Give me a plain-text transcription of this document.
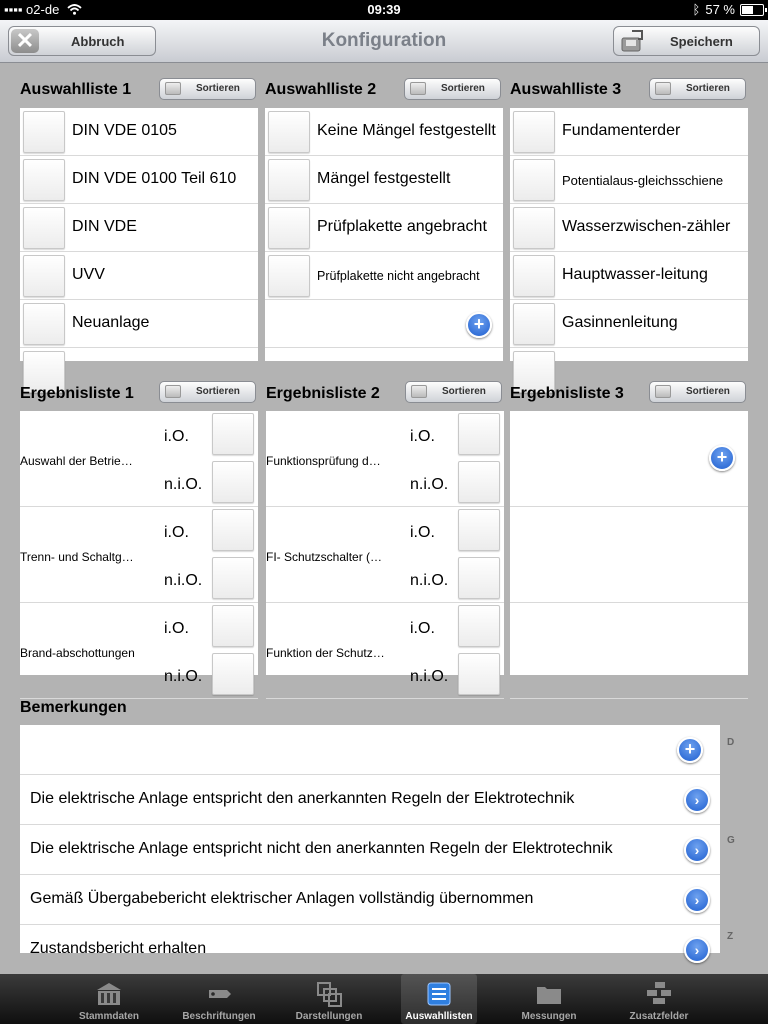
▪▪▪▪ o2-de	09:39	ᛒ 57 %
Konfiguration
✕	Abbruch	Speichern
Auswahlliste 1	Sortieren
DIN VDE 0105
DIN VDE 0100 Teil 610
DIN VDE
UVV
Neuanlage
Auswahlliste 2	Sortieren
Keine Mängel festgestellt
Mängel festgestellt
Prüfplakette angebracht
Prüfplakette nicht angebracht
+
Auswahlliste 3	Sortieren
Fundamenterder
Potentialaus-gleichsschiene
Wasserzwischen-zähler
Hauptwasser-leitung
Gasinnenleitung
Ergebnisliste 1	Sortieren
Auswahl der Betrie…
i.O.
n.i.O.
Trenn- und Schaltg…
i.O.
n.i.O.
Brand-abschottungen
i.O.
n.i.O.
Ergebnisliste 2	Sortieren
Funktionsprüfung d…
i.O.
n.i.O.
FI- Schutzschalter (…
i.O.
n.i.O.
Funktion der Schutz…
i.O.
n.i.O.
Ergebnisliste 3	Sortieren
+
Bemerkungen
+
Die elektrische Anlage entspricht den anerkannten Regeln der Elektrotechnik	›
Die elektrische Anlage entspricht nicht den anerkannten Regeln der Elektrotechnik	›
Gemäß Übergabebericht elektrischer Anlagen vollständig übernommen	›
Zustandsbericht erhalten	›
D
G
Z
Stammdaten	Beschriftungen	Darstellungen	Auswahllisten	Messungen	Zusatzfelder
